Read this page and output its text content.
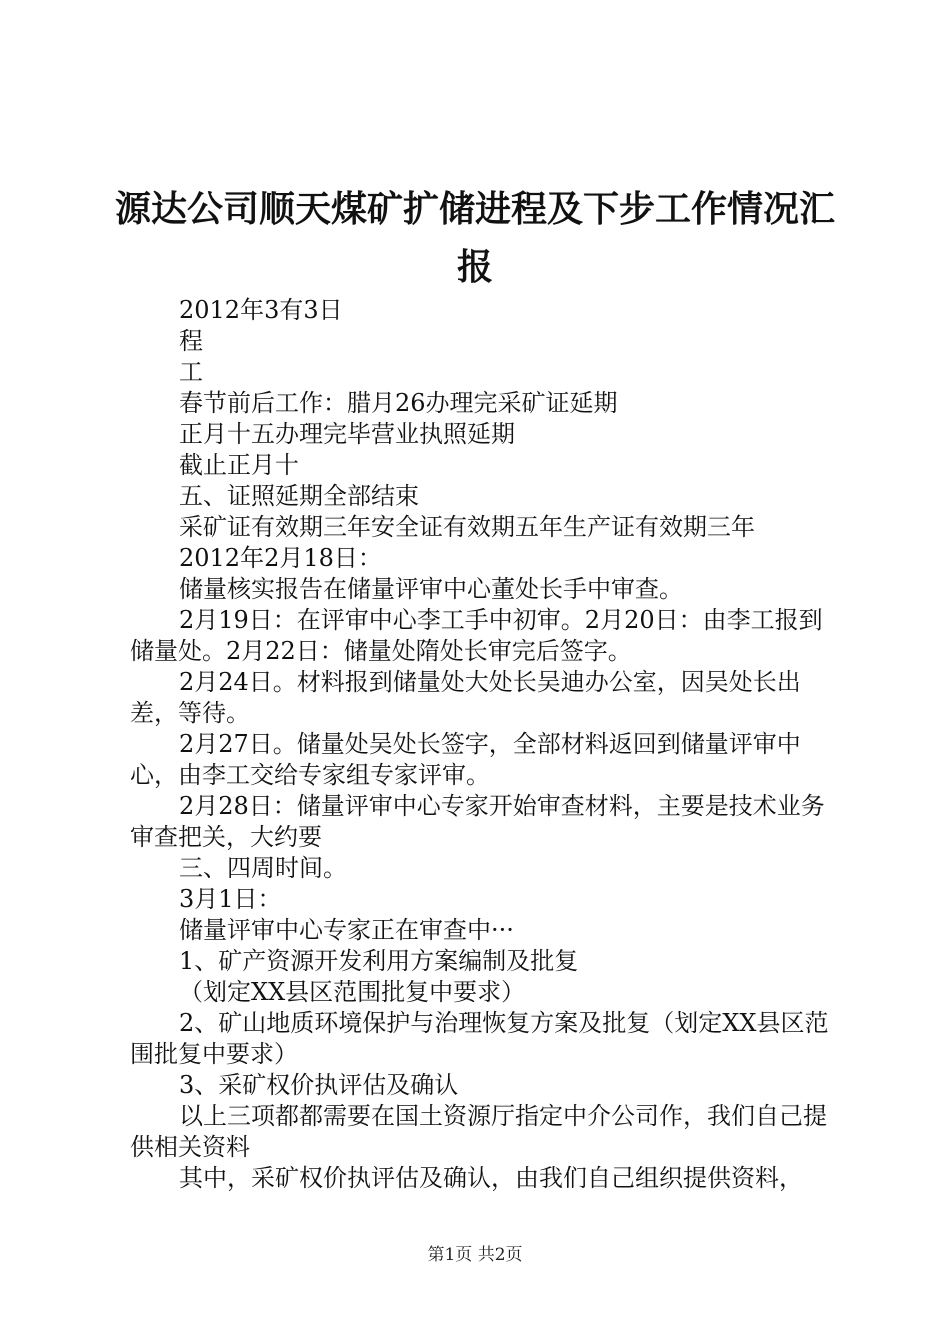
源达公司顺天煤矿扩储进程及下步工作情况汇
报

2012年3有3日

程

工

春节前后工作：腊月26办理完采矿证延期

正月十五办理完毕营业执照延期

截止正月十

五、证照延期全部结束

采矿证有效期三年安全证有效期五年生产证有效期三年

2012年2月18日：

储量核实报告在储量评审中心董处长手中审查。

2月19日：在评审中心李工手中初审。2月20日：由李工报到储量处。2月22日：储量处隋处长审完后签字。

2月24日。材料报到储量处大处长吴迪办公室，因吴处长出差，等待。

2月27日。储量处吴处长签字，全部材料返回到储量评审中心，由李工交给专家组专家评审。

2月28日：储量评审中心专家开始审查材料，主要是技术业务审查把关，大约要

三、四周时间。

3月1日：

储量评审中心专家正在审查中···

1、矿产资源开发利用方案编制及批复

（划定XX县区范围批复中要求）

2、矿山地质环境保护与治理恢复方案及批复（划定XX县区范围批复中要求）

3、采矿权价执评估及确认

以上三项都都需要在国土资源厅指定中介公司作，我们自己提供相关资料

其中，采矿权价执评估及确认，由我们自己组织提供资料，

第1页 共2页
